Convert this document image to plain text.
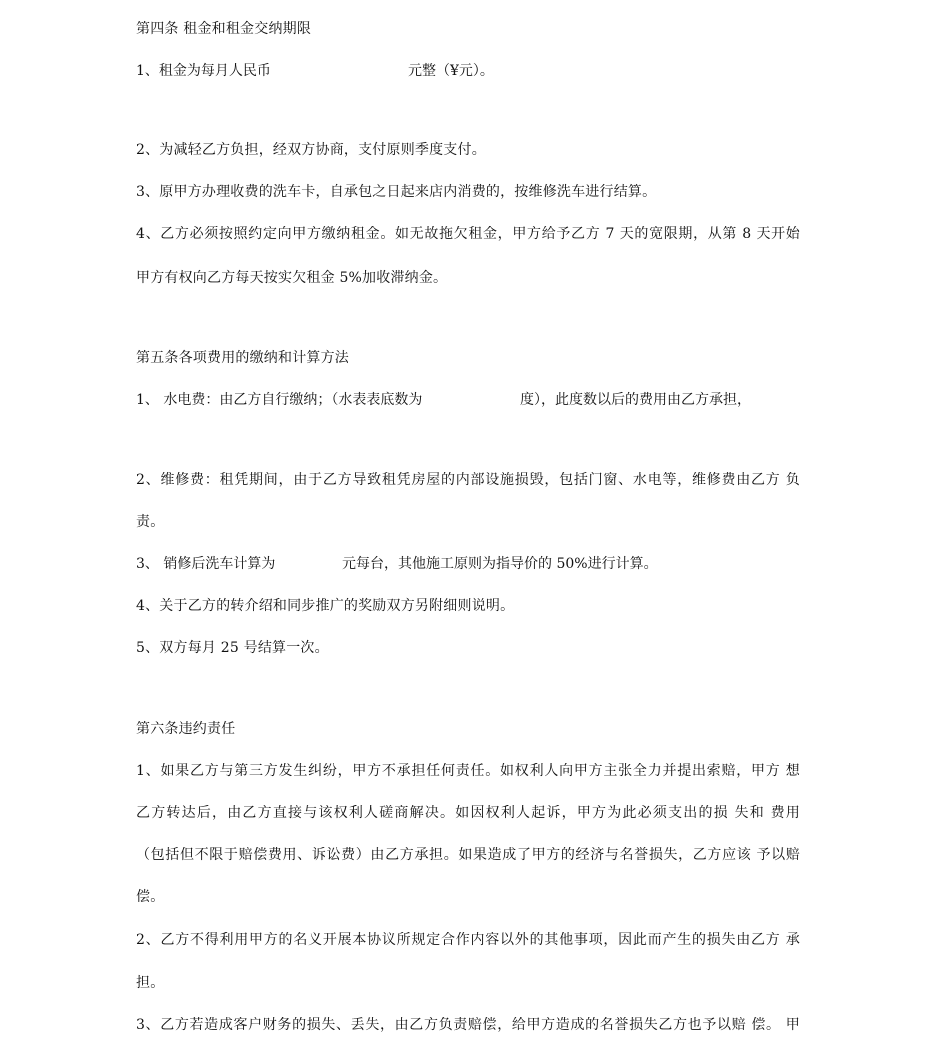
第四条 租金和租金交纳期限
1、租金为每月人民币	元整（¥元）。
2、为减轻乙方负担，经双方协商，支付原则季度支付。
3、原甲方办理收费的洗车卡，自承包之日起来店内消费的，按维修洗车进行结算。
4、乙方必须按照约定向甲方缴纳租金。如无故拖欠租金，甲方给予乙方 7 天的宽限期，从第 8 天开始
甲方有权向乙方每天按实欠租金 5%加收滞纳金。
第五条各项费用的缴纳和计算方法
1、 水电费：由乙方自行缴纳；（水表表底数为	度），此度数以后的费用由乙方承担，
2、维修费：租凭期间，由于乙方导致租凭房屋的内部设施损毁，包括门窗、水电等，维修费由乙方 负
责。
3、 销修后洗车计算为	元每台，其他施工原则为指导价的 50%进行计算。
4、关于乙方的转介绍和同步推广的奖励双方另附细则说明。
5、双方每月 25 号结算一次。
第六条违约责任
1、如果乙方与第三方发生纠纷，甲方不承担任何责任。如权利人向甲方主张全力并提出索赔，甲方 想
乙方转达后，由乙方直接与该权利人磋商解决。如因权利人起诉，甲方为此必须支出的损 失和 费用
（包括但不限于赔偿费用、诉讼费）由乙方承担。如果造成了甲方的经济与名誉损失，乙方应该 予以赔
偿。
2、乙方不得利用甲方的名义开展本协议所规定合作内容以外的其他事项，因此而产生的损失由乙方 承
担。
3、乙方若造成客户财务的损失、丢失，由乙方负责赔偿，给甲方造成的名誉损失乙方也予以赔 偿。 甲
